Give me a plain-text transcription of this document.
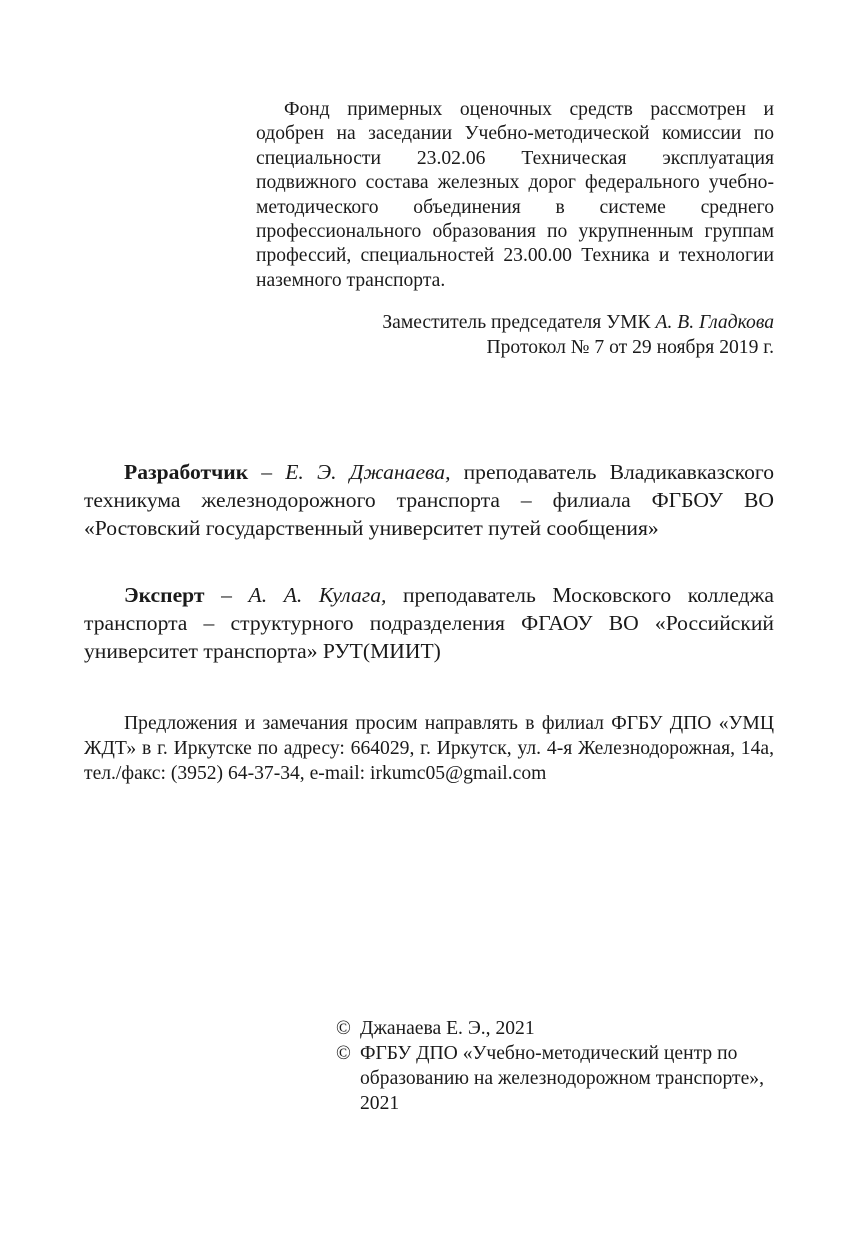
Фонд примерных оценочных средств рассмотрен и одобрен на заседании Учебно-методической комиссии по специальности 23.02.06 Техническая эксплуатация подвижного состава железных дорог федерального учебно-методического объединения в системе среднего профессионального образования по укрупненным группам профессий, специальностей 23.00.00 Техника и технологии наземного транспорта.
Заместитель председателя УМК А. В. Гладкова
Протокол № 7 от 29 ноября 2019 г.
Разработчик – Е. Э. Джанаева, преподаватель Владикавказского техникума железнодорожного транспорта – филиала ФГБОУ ВО «Ростовский государственный университет путей сообщения»
Эксперт – А. А. Кулага, преподаватель Московского колледжа транспорта – структурного подразделения ФГАОУ ВО «Российский университет транспорта» РУТ(МИИТ)
Предложения и замечания просим направлять в филиал ФГБУ ДПО «УМЦ ЖДТ» в г. Иркутске по адресу: 664029, г. Иркутск, ул. 4-я Железнодорожная, 14а, тел./факс: (3952) 64-37-34, e-mail: irkumc05@gmail.com
© Джанаева Е. Э., 2021
© ФГБУ ДПО «Учебно-методический центр по образованию на железнодорожном транспорте», 2021
